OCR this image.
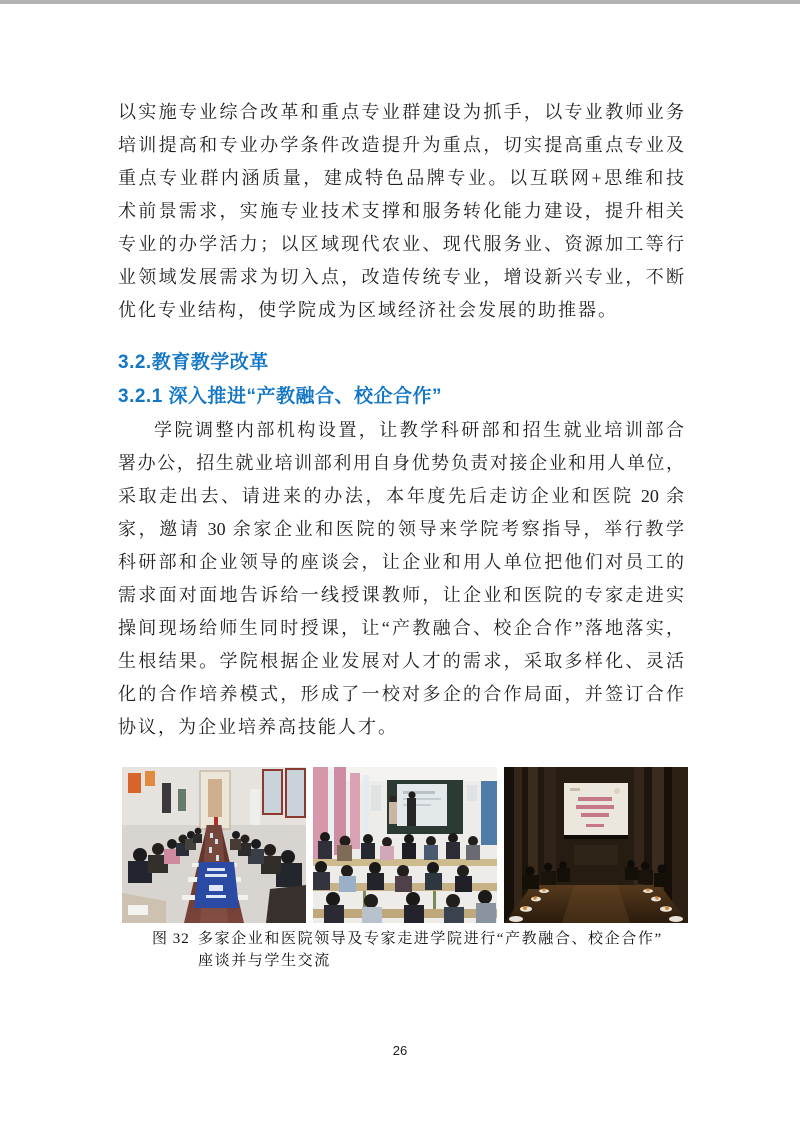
以实施专业综合改革和重点专业群建设为抓手，以专业教师业务
培训提高和专业办学条件改造提升为重点，切实提高重点专业及
重点专业群内涵质量，建成特色品牌专业。以互联网+思维和技
术前景需求，实施专业技术支撑和服务转化能力建设，提升相关
专业的办学活力；以区域现代农业、现代服务业、资源加工等行
业领域发展需求为切入点，改造传统专业，增设新兴专业，不断
优化专业结构，使学院成为区域经济社会发展的助推器。
3.2.教育教学改革
3.2.1 深入推进“产教融合、校企合作”
学院调整内部机构设置，让教学科研部和招生就业培训部合
署办公，招生就业培训部利用自身优势负责对接企业和用人单位，
采取走出去、请进来的办法，本年度先后走访企业和医院 20 余
家，邀请 30 余家企业和医院的领导来学院考察指导，举行教学
科研部和企业领导的座谈会，让企业和用人单位把他们对员工的
需求面对面地告诉给一线授课教师，让企业和医院的专家走进实
操间现场给师生同时授课，让“产教融合、校企合作”落地落实，
生根结果。学院根据企业发展对人才的需求，采取多样化、灵活
化的合作培养模式，形成了一校对多企的合作局面，并签订合作
协议，为企业培养高技能人才。
图 32 多家企业和医院领导及专家走进学院进行“产教融合、校企合作”
座谈并与学生交流
26
